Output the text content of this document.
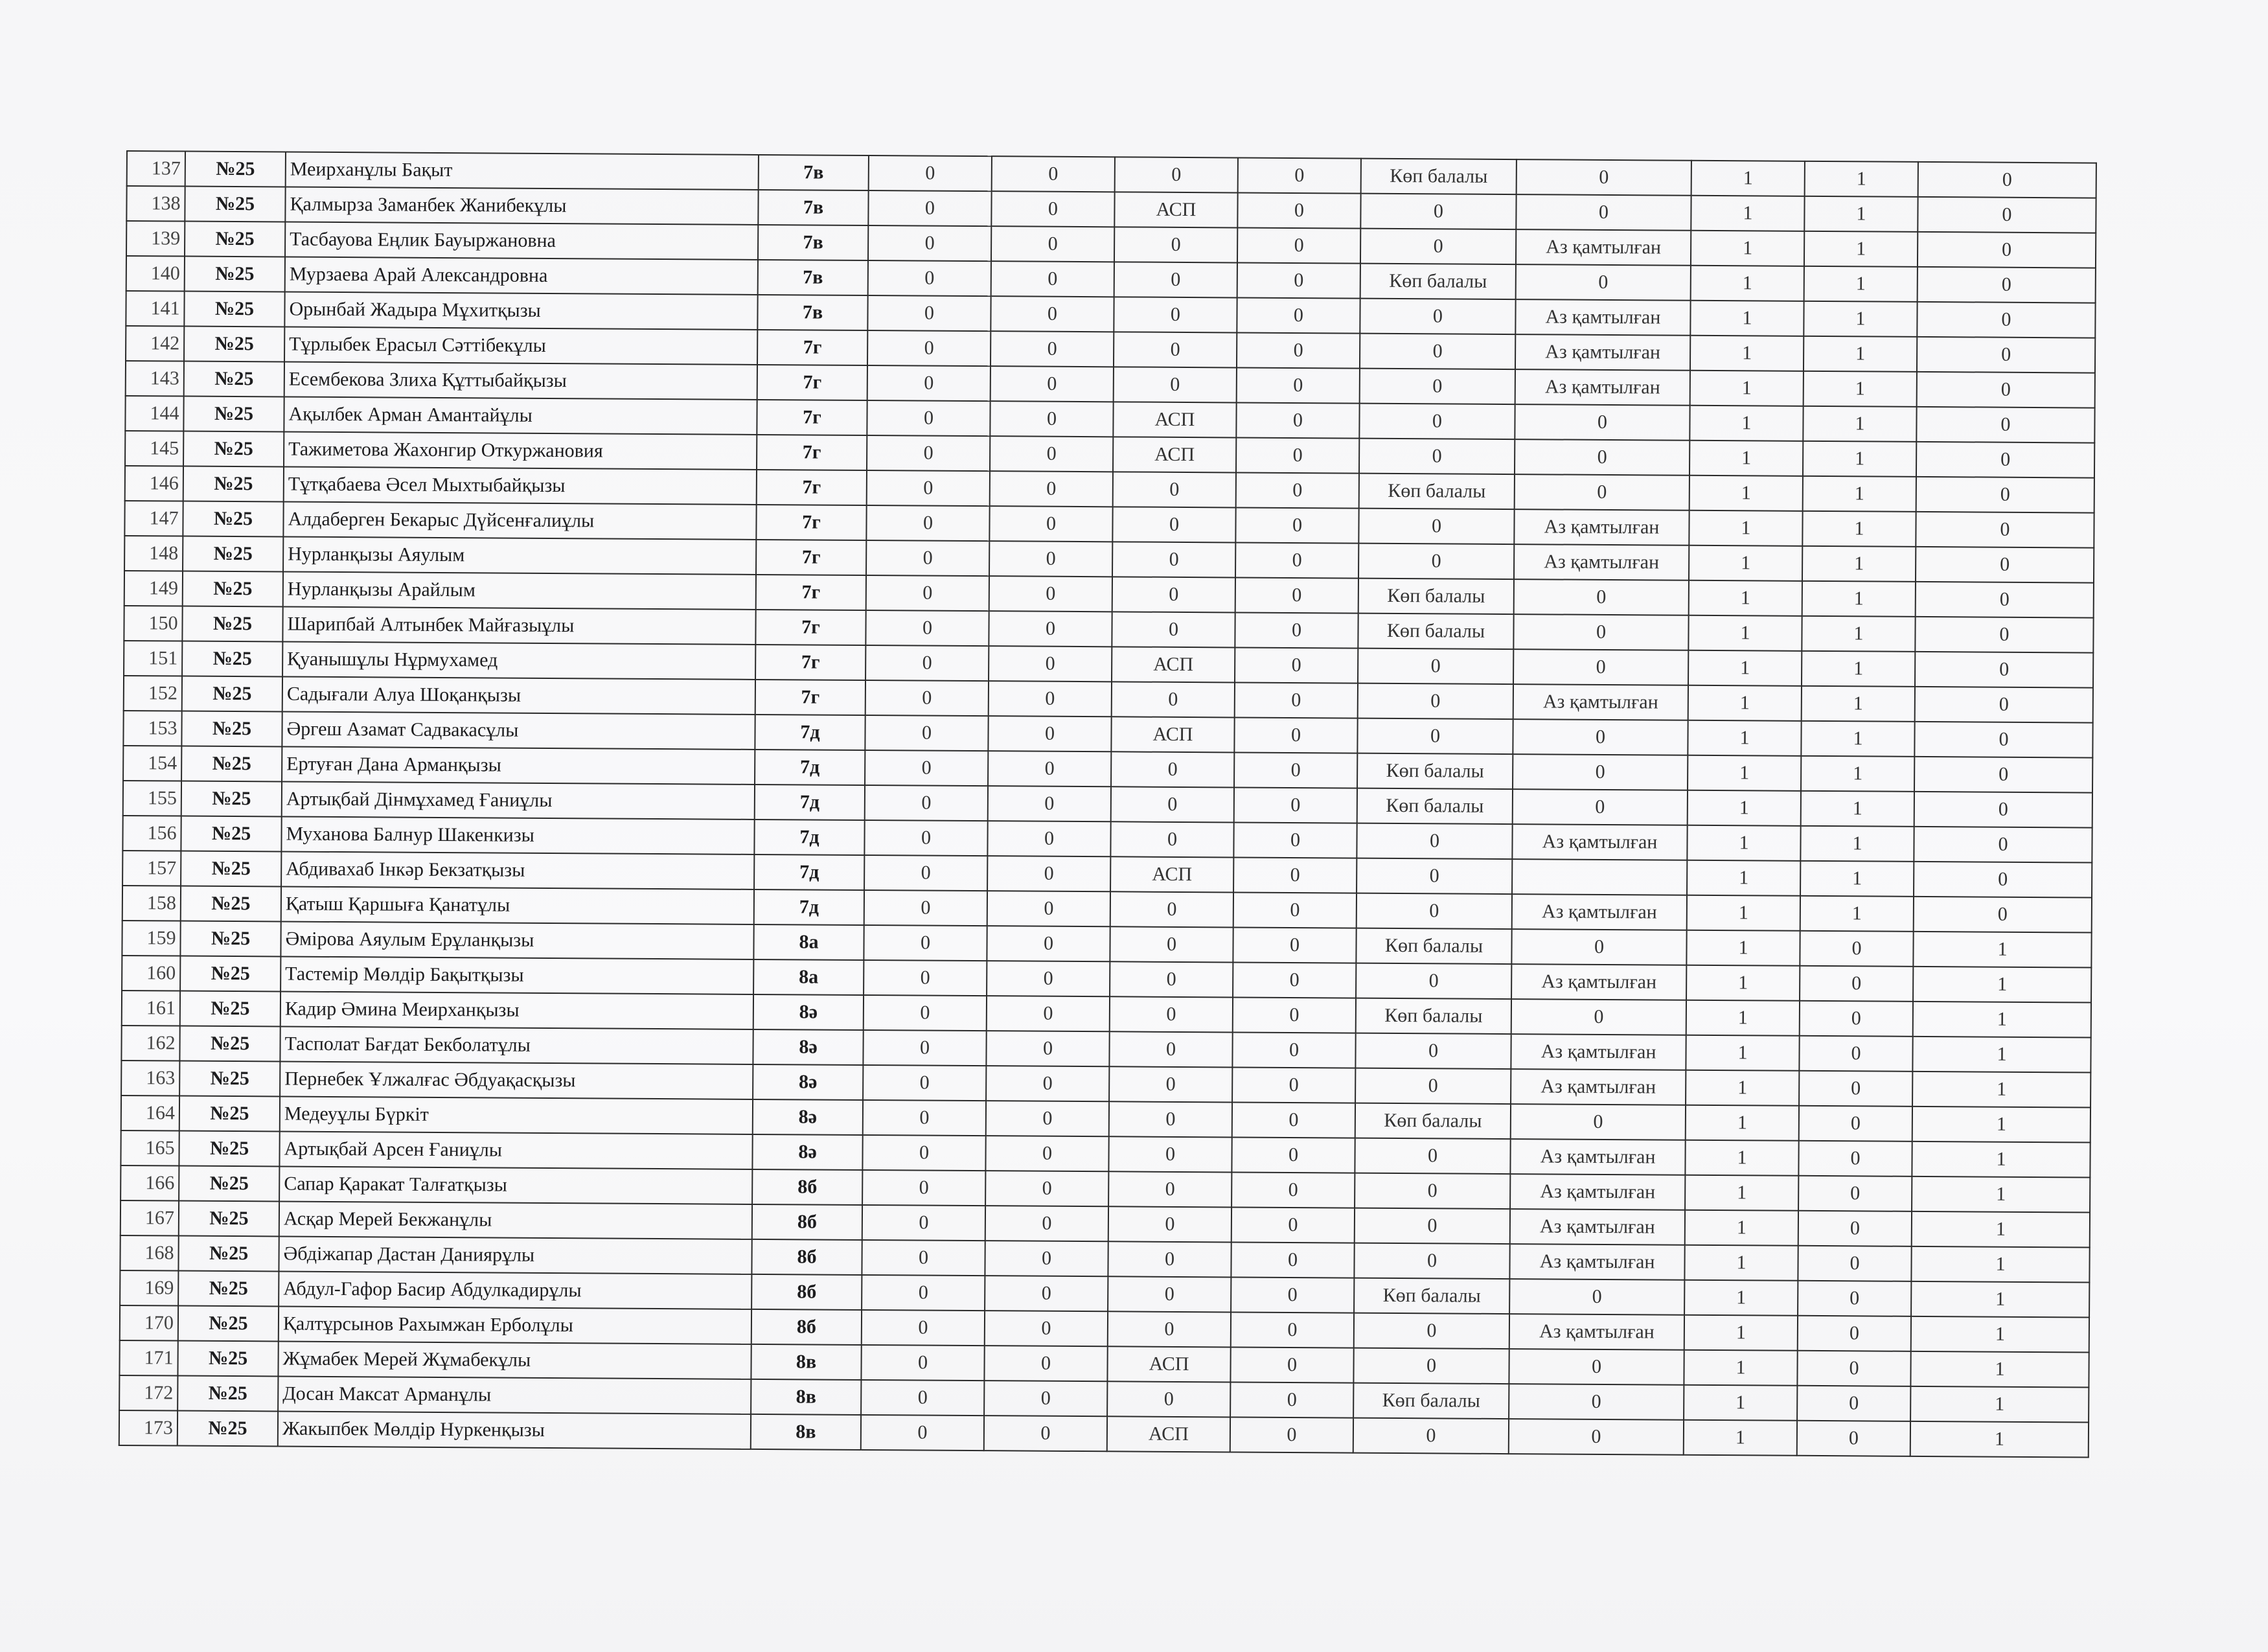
137	№25	Меирханұлы Бақыт	7в	0	0	0	0	Көп балалы	0	1	1	0
138	№25	Қалмырза Заманбек Жанибекұлы	7в	0	0	АСП	0	0	0	1	1	0
139	№25	Тасбауова Еңлик Бауыржановна	7в	0	0	0	0	0	Аз қамтылған	1	1	0
140	№25	Мурзаева Арай Александровна	7в	0	0	0	0	Көп балалы	0	1	1	0
141	№25	Орынбай Жадыра Мұхитқызы	7в	0	0	0	0	0	Аз қамтылған	1	1	0
142	№25	Тұрлыбек Ерасыл Сәттібекұлы	7г	0	0	0	0	0	Аз қамтылған	1	1	0
143	№25	Есембекова Злиха Құттыбайқызы	7г	0	0	0	0	0	Аз қамтылған	1	1	0
144	№25	Ақылбек Арман Амантайұлы	7г	0	0	АСП	0	0	0	1	1	0
145	№25	Тажиметова Жахонгир Откуржановия	7г	0	0	АСП	0	0	0	1	1	0
146	№25	Тұтқабаева Әсел Мыхтыбайқызы	7г	0	0	0	0	Көп балалы	0	1	1	0
147	№25	Алдаберген Бекарыс Дүйсенғалиұлы	7г	0	0	0	0	0	Аз қамтылған	1	1	0
148	№25	Нурланқызы Аяулым	7г	0	0	0	0	0	Аз қамтылған	1	1	0
149	№25	Нурланқызы Арайлым	7г	0	0	0	0	Көп балалы	0	1	1	0
150	№25	Шарипбай Алтынбек Майғазыұлы	7г	0	0	0	0	Көп балалы	0	1	1	0
151	№25	Қуанышұлы Нұрмухамед	7г	0	0	АСП	0	0	0	1	1	0
152	№25	Садығали Алуа Шоқанқызы	7г	0	0	0	0	0	Аз қамтылған	1	1	0
153	№25	Әргеш Азамат Садвакасұлы	7д	0	0	АСП	0	0	0	1	1	0
154	№25	Ертуған Дана Арманқызы	7д	0	0	0	0	Көп балалы	0	1	1	0
155	№25	Артықбай Дінмұхамед Ғаниұлы	7д	0	0	0	0	Көп балалы	0	1	1	0
156	№25	Муханова Балнур Шакенкизы	7д	0	0	0	0	0	Аз қамтылған	1	1	0
157	№25	Абдивахаб Інкәр Бекзатқызы	7д	0	0	АСП	0	0		1	1	0
158	№25	Қатыш Қаршыға Қанатұлы	7д	0	0	0	0	0	Аз қамтылған	1	1	0
159	№25	Әмірова Аяулым Ерұланқызы	8а	0	0	0	0	Көп балалы	0	1	0	1
160	№25	Тастемір Мөлдір Бақытқызы	8а	0	0	0	0	0	Аз қамтылған	1	0	1
161	№25	Кадир Әмина Меирханқызы	8ә	0	0	0	0	Көп балалы	0	1	0	1
162	№25	Тасполат Бағдат Бекболатұлы	8ә	0	0	0	0	0	Аз қамтылған	1	0	1
163	№25	Пернебек Ұлжалғас Әбдуақасқызы	8ә	0	0	0	0	0	Аз қамтылған	1	0	1
164	№25	Медеуұлы Бүркіт	8ә	0	0	0	0	Көп балалы	0	1	0	1
165	№25	Артықбай Арсен Ғаниұлы	8ә	0	0	0	0	0	Аз қамтылған	1	0	1
166	№25	Сапар Қаракат Талғатқызы	8б	0	0	0	0	0	Аз қамтылған	1	0	1
167	№25	Асқар Мерей Бекжанұлы	8б	0	0	0	0	0	Аз қамтылған	1	0	1
168	№25	Әбдіжапар Дастан Даниярұлы	8б	0	0	0	0	0	Аз қамтылған	1	0	1
169	№25	Абдул-Гафор Басир Абдулкадирұлы	8б	0	0	0	0	Көп балалы	0	1	0	1
170	№25	Қалтұрсынов Рахымжан Ерболұлы	8б	0	0	0	0	0	Аз қамтылған	1	0	1
171	№25	Жұмабек Мерей Жұмабекұлы	8в	0	0	АСП	0	0	0	1	0	1
172	№25	Досан Максат Арманұлы	8в	0	0	0	0	Көп балалы	0	1	0	1
173	№25	Жакыпбек Мөлдір Нуркенқызы	8в	0	0	АСП	0	0	0	1	0	1
